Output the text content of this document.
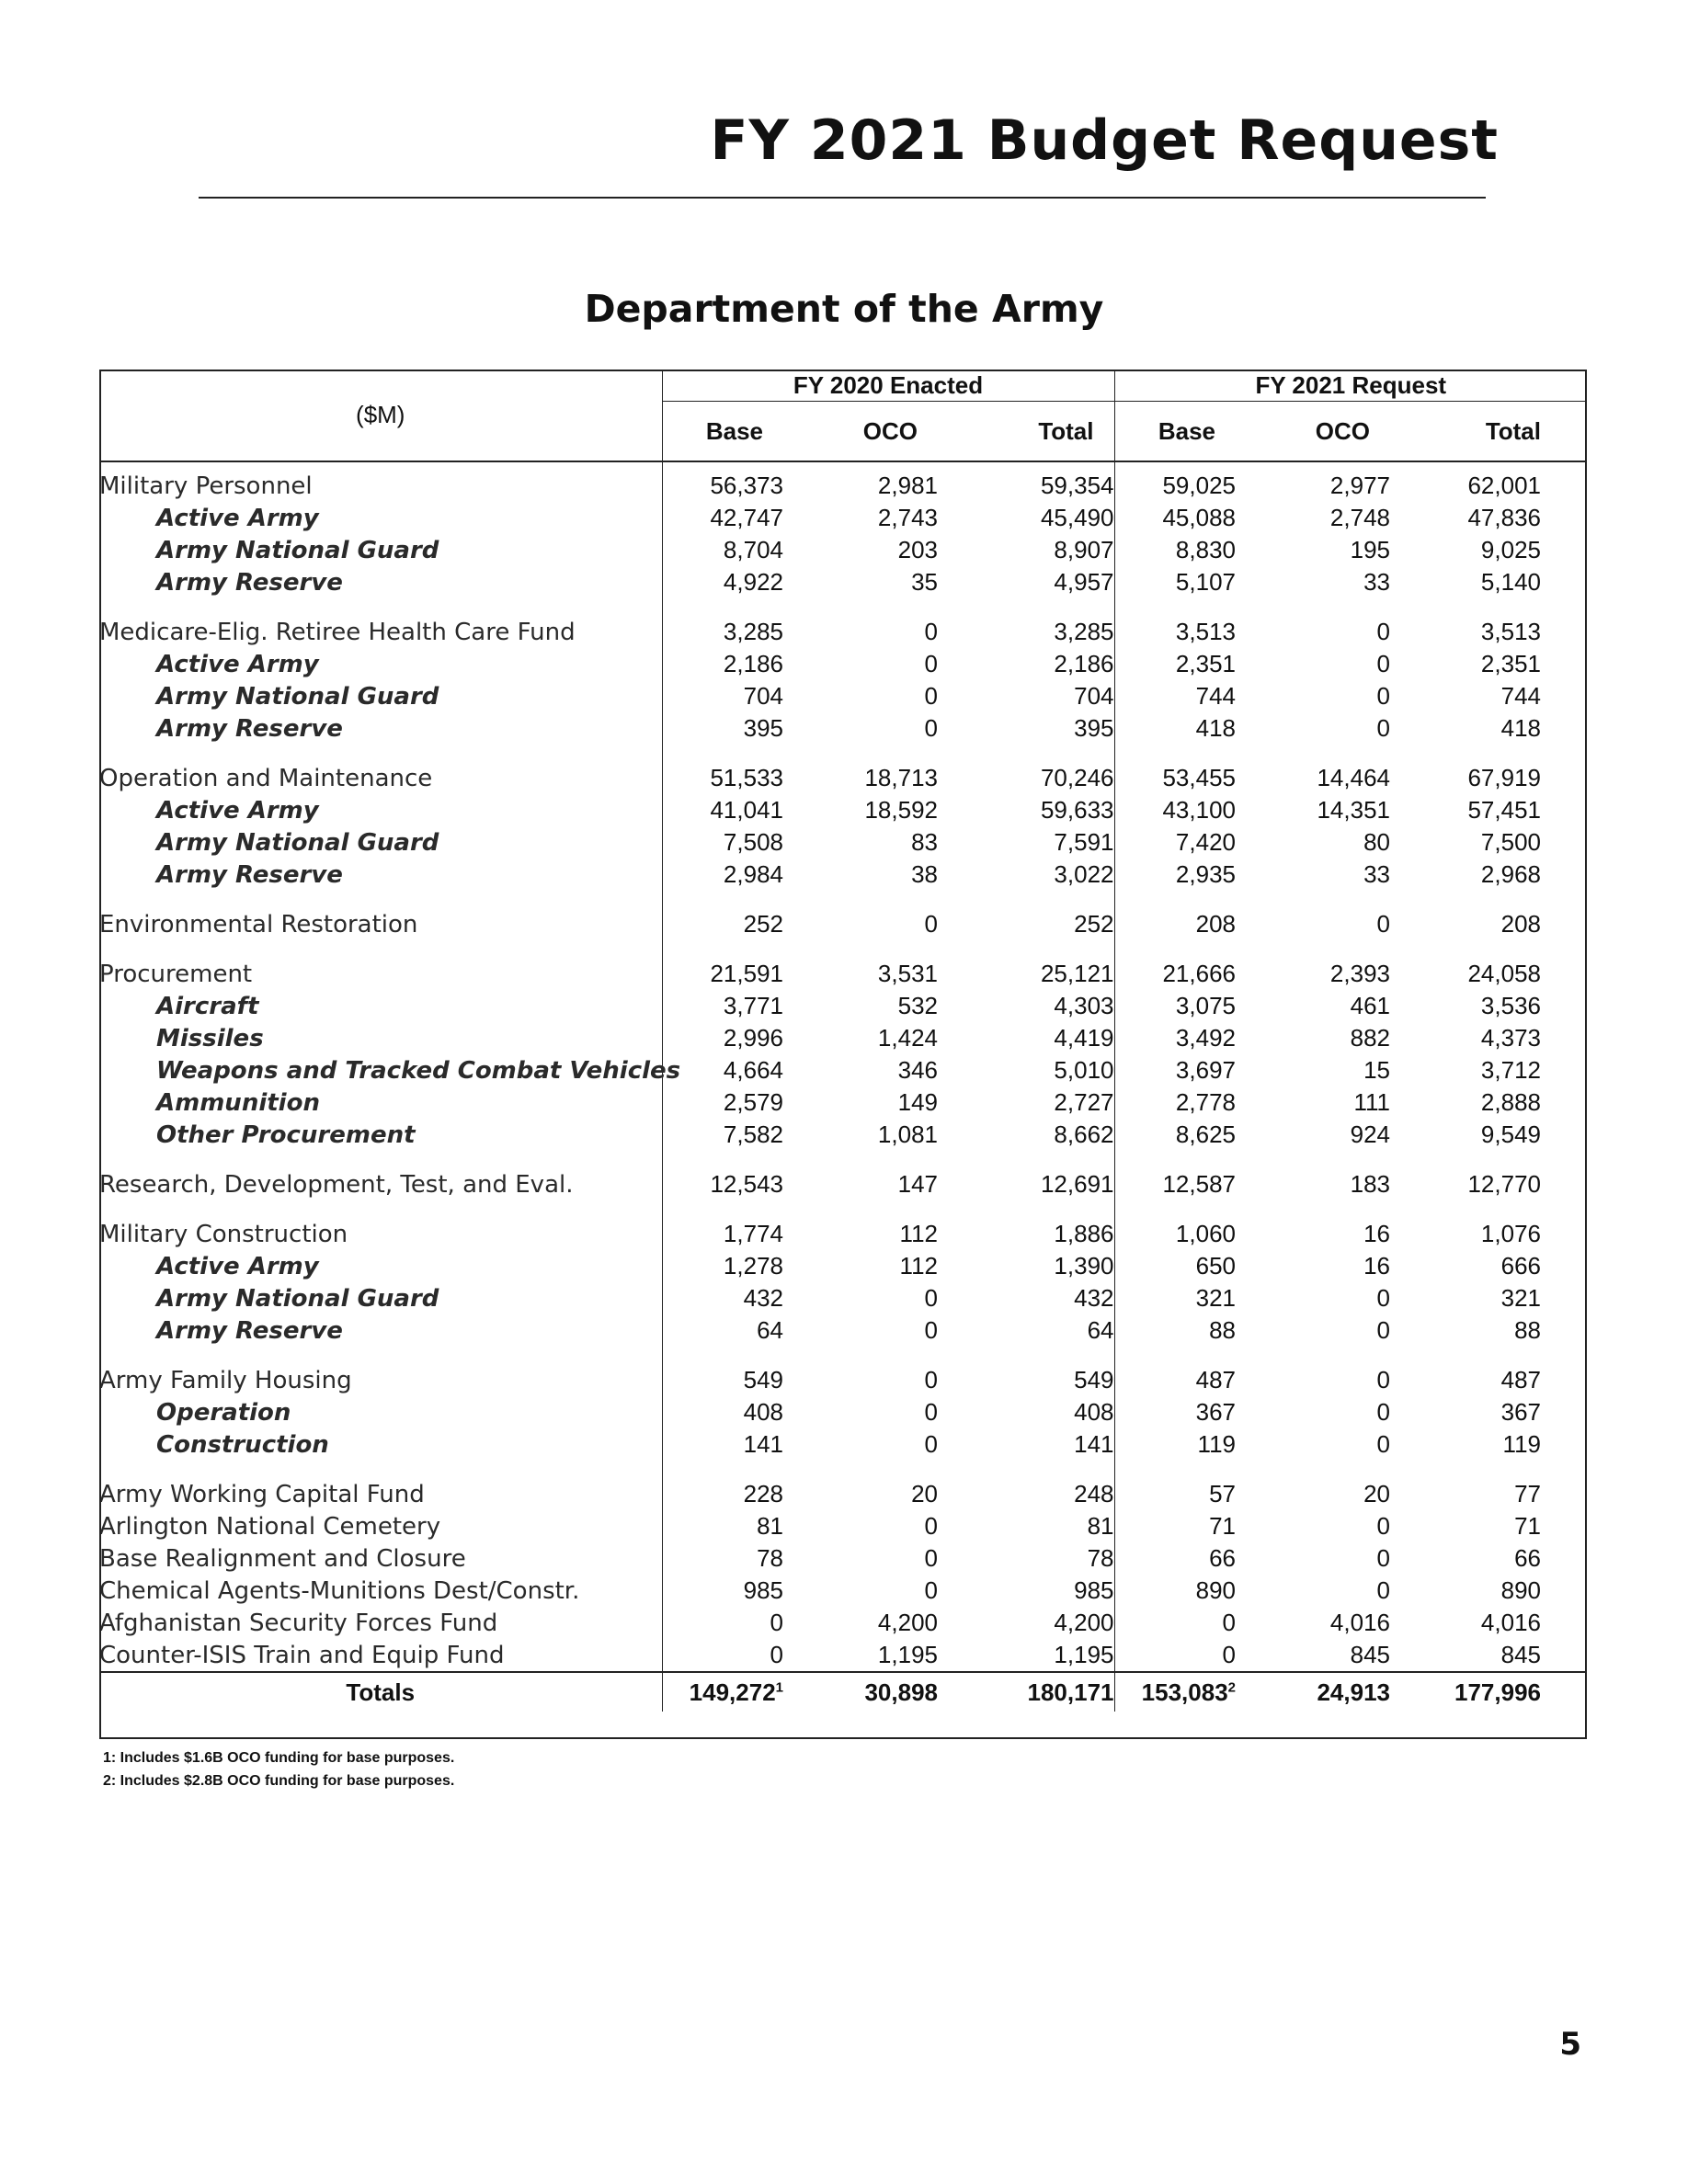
FY 2021 Budget Request
Department of the Army
($M)	FY 2020 Enacted			FY 2021 Request		
	Base	OCO	Total	Base	OCO	Total
Military Personnel	56,373	2,981	59,354	59,025	2,977	62,001
Active Army	42,747	2,743	45,490	45,088	2,748	47,836
Army National Guard	8,704	203	8,907	8,830	195	9,025
Army Reserve	4,922	35	4,957	5,107	33	5,140

Medicare-Elig. Retiree Health Care Fund	3,285	0	3,285	3,513	0	3,513
Active Army	2,186	0	2,186	2,351	0	2,351
Army National Guard	704	0	704	744	0	744
Army Reserve	395	0	395	418	0	418

Operation and Maintenance	51,533	18,713	70,246	53,455	14,464	67,919
Active Army	41,041	18,592	59,633	43,100	14,351	57,451
Army National Guard	7,508	83	7,591	7,420	80	7,500
Army Reserve	2,984	38	3,022	2,935	33	2,968

Environmental Restoration	252	0	252	208	0	208

Procurement	21,591	3,531	25,121	21,666	2,393	24,058
Aircraft	3,771	532	4,303	3,075	461	3,536
Missiles	2,996	1,424	4,419	3,492	882	4,373
Weapons and Tracked Combat Vehicles	4,664	346	5,010	3,697	15	3,712
Ammunition	2,579	149	2,727	2,778	111	2,888
Other Procurement	7,582	1,081	8,662	8,625	924	9,549

Research, Development, Test, and Eval.	12,543	147	12,691	12,587	183	12,770

Military Construction	1,774	112	1,886	1,060	16	1,076
Active Army	1,278	112	1,390	650	16	666
Army National Guard	432	0	432	321	0	321
Army Reserve	64	0	64	88	0	88

Army Family Housing	549	0	549	487	0	487
Operation	408	0	408	367	0	367
Construction	141	0	141	119	0	119

Army Working Capital Fund	228	20	248	57	20	77
Arlington National Cemetery	81	0	81	71	0	71
Base Realignment and Closure	78	0	78	66	0	66
Chemical Agents-Munitions Dest/Constr.	985	0	985	890	0	890
Afghanistan Security Forces Fund	0	4,200	4,200	0	4,016	4,016
Counter-ISIS Train and Equip Fund	0	1,195	1,195	0	845	845
Totals	149,272$^1$	30,898	180,171	153,083$^2$	24,913	177,996
1: Includes $1.6B OCO funding for base purposes.
2: Includes $2.8B OCO funding for base purposes.
5
